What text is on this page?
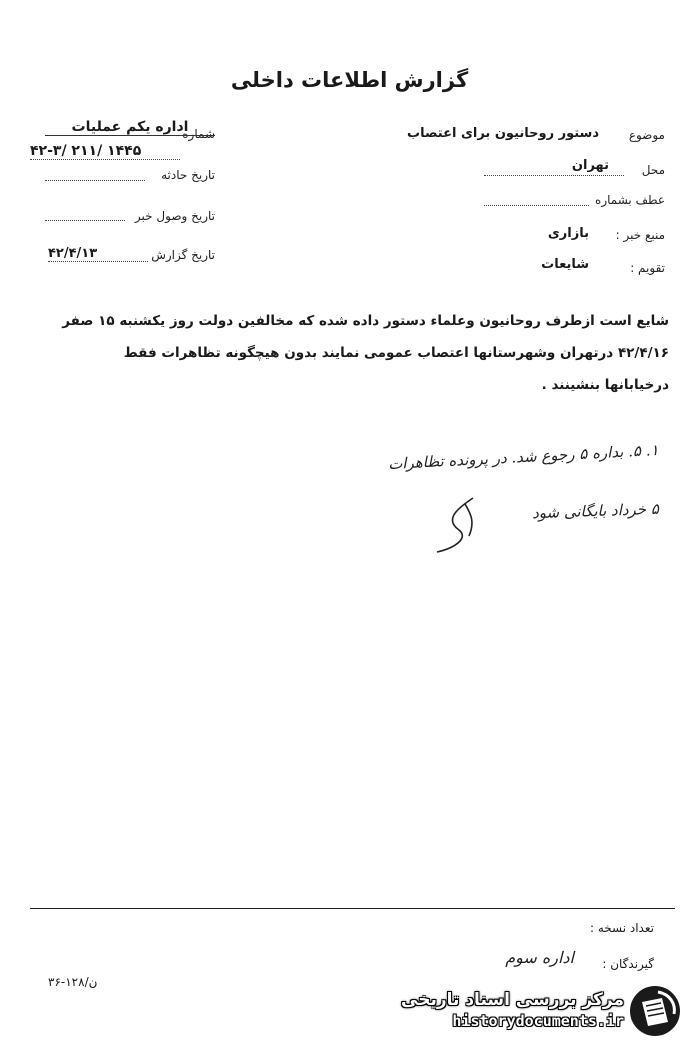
گزارش اطلاعات داخلی
شماره
اداره یکم عملیات
۴۲-۳/ ۲۱۱/ ۱۴۴۵
تاریخ حادثه
تاریخ وصول خبر
تاریخ گزارش
۴۲/۴/۱۳
موضوع
دستور روحانیون برای اعتصاب
محل
تهران
عطف بشماره
منبع خبر :
بازاری
تقویم :
شایعات
شایع است ازطرف روحانیون وعلماء دستور داده شده که مخالفین دولت روز یکشنبه ۱۵ صفر
۴۲/۴/۱۶ درتهران وشهرستانها اعتصاب عمومی نمایند بدون هیچگونه تظاهرات فقط
درخیابانها بنشینند .
۱. ۵. بداره ۵ رجوع شد. در پرونده تظاهرات
۵ خرداد بایگانی شود
تعداد نسخه :
گیرندگان :
اداره سوم
ن/۱۲۸-۳۶
مرکز بررسی اسناد تاریخی
historydocuments.ir
